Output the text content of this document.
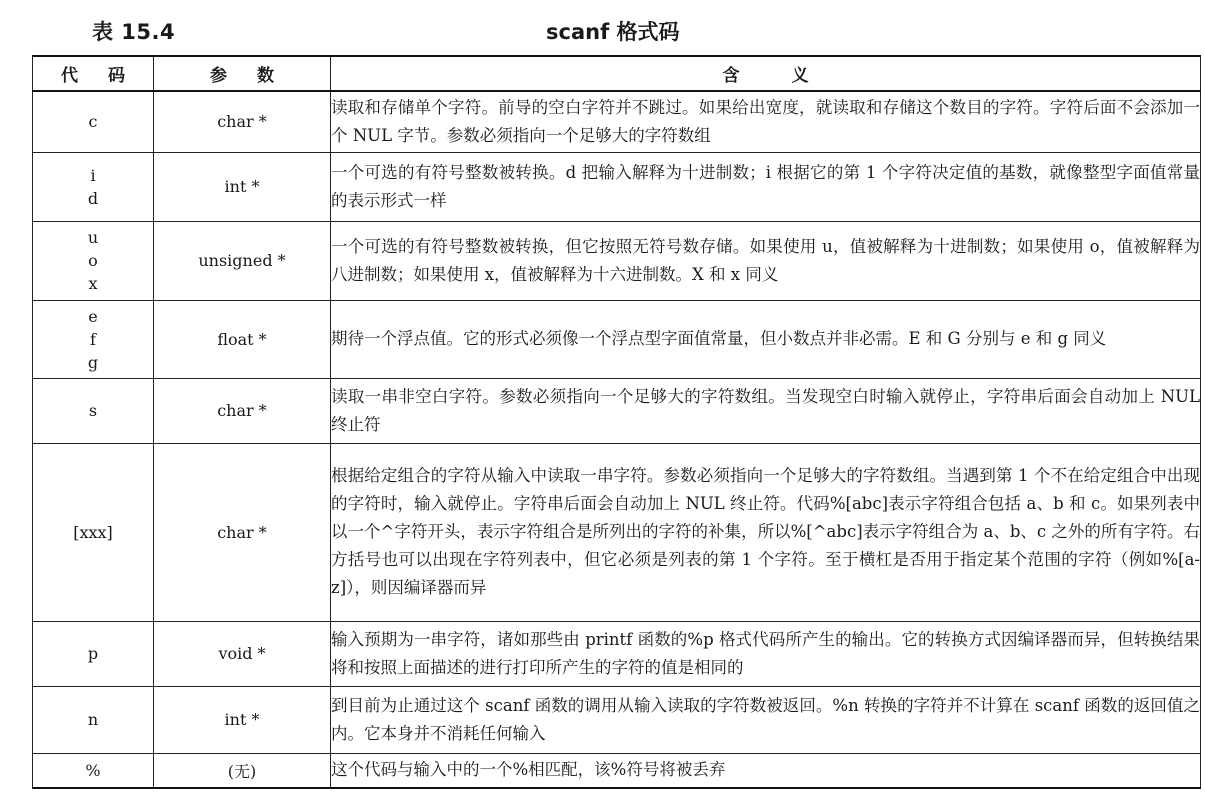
表 15.4	scanf 格式码
代码	参数	含义

c	char *	读取和存储单个字符。前导的空白字符并不跳过。如果给出宽度，就读取和存储这个数目的字符。字符后面不会添加一个 NUL 字节。参数必须指向一个足够大的字符数组

i
d	int *	一个可选的有符号整数被转换。d 把输入解释为十进制数；i 根据它的第 1 个字符决定值的基数，就像整型字面值常量的表示形式一样

u
o
x	unsigned *	一个可选的有符号整数被转换，但它按照无符号数存储。如果使用 u，值被解释为十进制数；如果使用 o，值被解释为八进制数；如果使用 x，值被解释为十六进制数。X 和 x 同义

e
f
g	float *	期待一个浮点值。它的形式必须像一个浮点型字面值常量，但小数点并非必需。E 和 G 分别与 e 和 g 同义

s	char *	读取一串非空白字符。参数必须指向一个足够大的字符数组。当发现空白时输入就停止，字符串后面会自动加上 NUL 终止符

[xxx]	char *	根据给定组合的字符从输入中读取一串字符。参数必须指向一个足够大的字符数组。当遇到第 1 个不在给定组合中出现的字符时，输入就停止。字符串后面会自动加上 NUL 终止符。代码%[abc]表示字符组合包括 a、b 和 c。如果列表中以一个^字符开头，表示字符组合是所列出的字符的补集，所以%[^abc]表示字符组合为 a、b、c 之外的所有字符。右方括号也可以出现在字符列表中，但它必须是列表的第 1 个字符。至于横杠是否用于指定某个范围的字符（例如%[a-z]），则因编译器而异

p	void *	输入预期为一串字符，诸如那些由 printf 函数的%p 格式代码所产生的输出。它的转换方式因编译器而异，但转换结果将和按照上面描述的进行打印所产生的字符的值是相同的

n	int *	到目前为止通过这个 scanf 函数的调用从输入读取的字符数被返回。%n 转换的字符并不计算在 scanf 函数的返回值之内。它本身并不消耗任何输入

%	(无)	这个代码与输入中的一个%相匹配，该%符号将被丢弃
